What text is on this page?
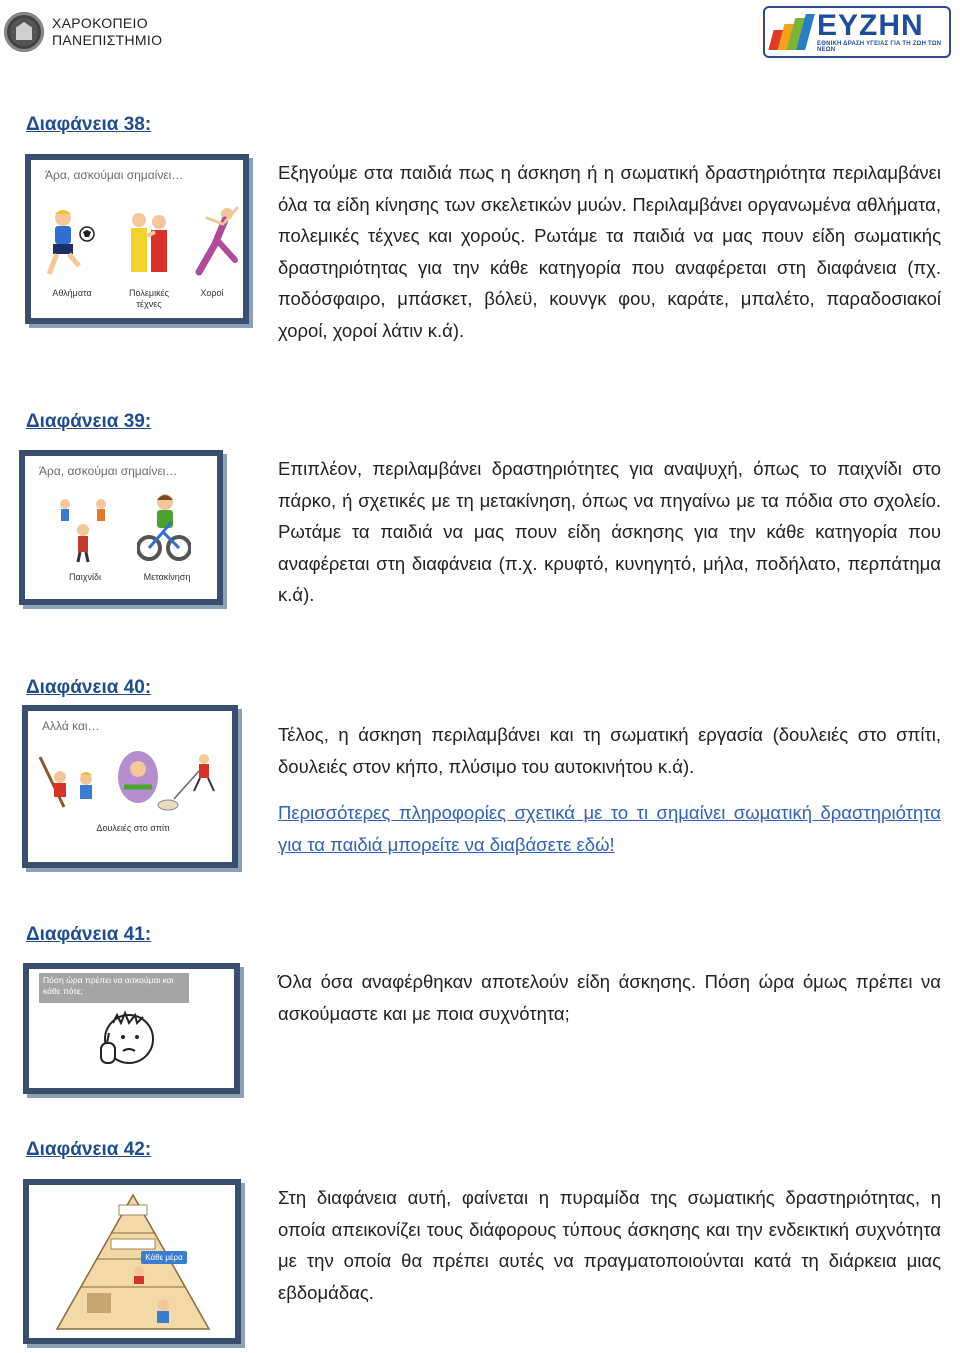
ΧΑΡΟΚΟΠΕΙΟ
ΠΑΝΕΠΙΣΤΗΜΙΟ	ΕΥΖΗΝ
ΕΘΝΙΚΗ ΔΡΑΣΗ ΥΓΕΙΑΣ ΓΙΑ ΤΗ ΖΩΗ ΤΩΝ ΝΕΩΝ
Διαφάνεια 38:
Άρα, ασκούμαι σημαίνει…
Αθλήματα	Πολεμικές τέχνες
Χοροί
Εξηγούμε στα παιδιά πως η άσκηση ή η σωματική δραστηριότητα περιλαμβάνει όλα τα είδη κίνησης των σκελετικών μυών. Περιλαμβάνει οργανωμένα αθλήματα, πολεμικές τέχνες και χορούς. Ρωτάμε τα παιδιά να μας πουν είδη σωματικής δραστηριότητας για την κάθε κατηγορία που αναφέρεται στη διαφάνεια (πχ. ποδόσφαιρο, μπάσκετ, βόλεϋ, κουνγκ φου, καράτε, μπαλέτο, παραδοσιακοί χοροί, χοροί λάτιν κ.ά).
Διαφάνεια 39:
Άρα, ασκούμαι σημαίνει…
Παιχνίδι	Μετακίνηση
Επιπλέον, περιλαμβάνει δραστηριότητες για αναψυχή, όπως το παιχνίδι στο πάρκο, ή σχετικές με τη μετακίνηση, όπως να πηγαίνω με τα πόδια στο σχολείο. Ρωτάμε τα παιδιά να μας πουν είδη άσκησης για την κάθε κατηγορία που αναφέρεται στη διαφάνεια (π.χ. κρυφτό, κυνηγητό, μήλα, ποδήλατο, περπάτημα κ.ά).
Διαφάνεια 40:
Αλλά και…
Δουλειές στο σπίτι
Τέλος, η άσκηση περιλαμβάνει και τη σωματική εργασία (δουλειές στο σπίτι, δουλειές στον κήπο, πλύσιμο του αυτοκινήτου κ.ά).
Περισσότερες πληροφορίες σχετικά με το τι σημαίνει σωματική δραστηριότητα για τα παιδιά μπορείτε να διαβάσετε εδώ!
Διαφάνεια 41:
Πόση ώρα πρέπει να ασκούμαι και κάθε πότε;	Όλα όσα αναφέρθηκαν αποτελούν είδη άσκησης. Πόση ώρα όμως πρέπει να ασκούμαστε και με ποια συχνότητα;
Διαφάνεια 42:
Κάθε μέρα
Στη διαφάνεια αυτή, φαίνεται η πυραμίδα της σωματικής δραστηριότητας, η οποία απεικονίζει τους διάφορους τύπους άσκησης και την ενδεικτική συχνότητα με την οποία θα πρέπει αυτές να πραγματοποιούνται κατά τη διάρκεια μιας εβδομάδας.
